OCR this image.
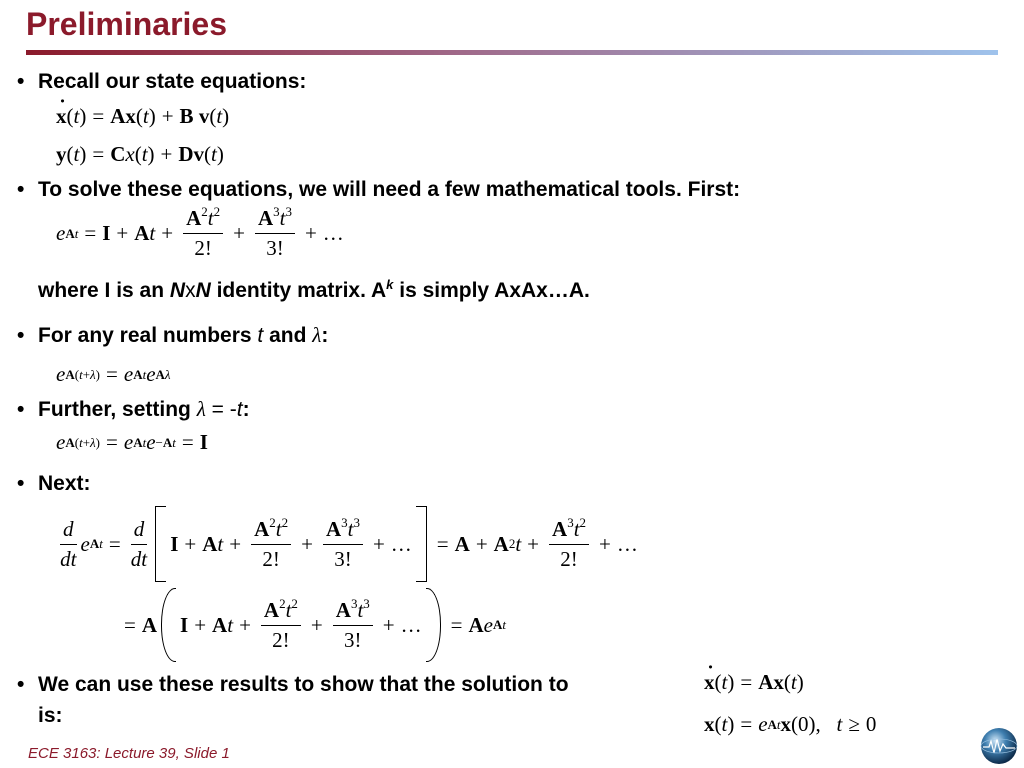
Preliminaries
• Recall our state equations:
˙ x ( t ) = Ax ( t ) + B
v ( t )
y ( t ) = C x ( t ) + Dv ( t )
• To solve these equations, we will need a few mathematical tools. First:
e At = I + A $t + \frac{A^2t^2}{2!} + \frac{A^3t^3}{3!}$ + …
where I is an NxN identity matrix. $A^k$ is simply AxAx…A.
• For any real numbers t and λ:
e A(t+λ) = e At e Aλ
• Further, setting λ = -t:
e A(t+λ) = e At e −At = I
• Next:
$\frac{d}{dt}$ e $At = \frac{d}{dt}$ I + A $t + \frac{A^2t^2}{2!} + \frac{A^3t^3}{3!}$ + … = A + A 2 $t + \frac{A^3t^2}{2!}$ + …
= A I + A $t + \frac{A^2t^2}{2!} + \frac{A^3t^3}{3!}$ + … = A e At
• We can use these results to show that the solution to
is:
˙ x ( t ) = Ax ( t )
x ( t ) = e At x (0), t ≥ 0
ECE 3163: Lecture 39, Slide 1
